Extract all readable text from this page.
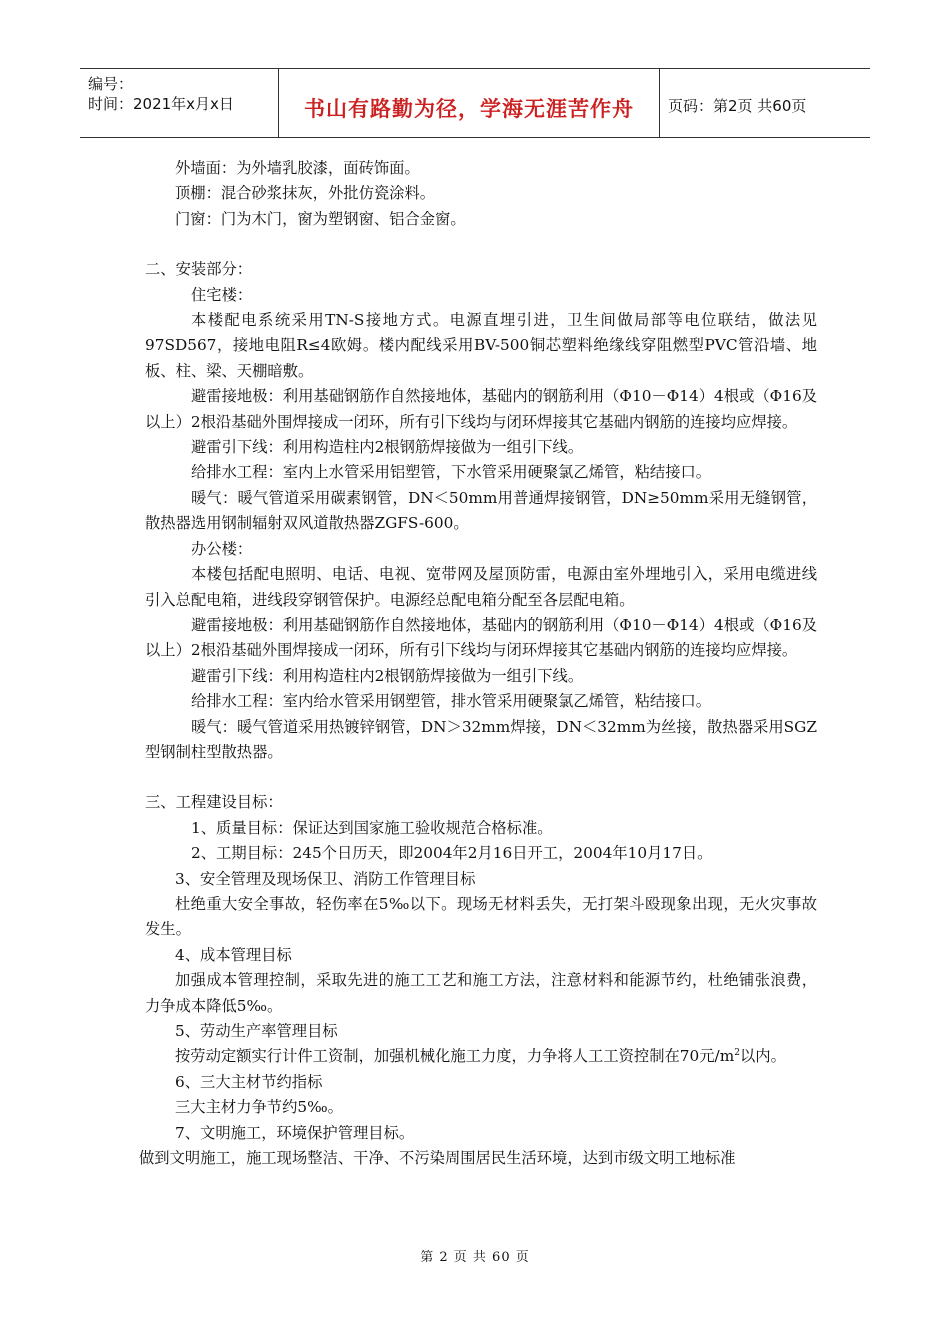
编号：
时间：2021年x月x日	书山有路勤为径，学海无涯苦作舟	页码：第2页 共60页

外墙面：为外墙乳胶漆，面砖饰面。

顶棚：混合砂浆抹灰，外批仿瓷涂料。

门窗：门为木门，窗为塑钢窗、铝合金窗。

二、安装部分：

住宅楼：

本楼配电系统采用TN-S接地方式。电源直埋引进，卫生间做局部等电位联结，做法见97SD567，接地电阻R≤4欧姆。楼内配线采用BV-500铜芯塑料绝缘线穿阻燃型PVC管沿墙、地板、柱、梁、天棚暗敷。

避雷接地极：利用基础钢筋作自然接地体，基础内的钢筋利用（Φ10－Φ14）4根或（Φ16及以上）2根沿基础外围焊接成一闭环，所有引下线均与闭环焊接其它基础内钢筋的连接均应焊接。

避雷引下线：利用构造柱内2根钢筋焊接做为一组引下线。

给排水工程：室内上水管采用铝塑管，下水管采用硬聚氯乙烯管，粘结接口。

暖气：暖气管道采用碳素钢管，DN＜50mm用普通焊接钢管，DN≥50mm采用无缝钢管，散热器选用钢制辐射双风道散热器ZGFS-600。

办公楼：

本楼包括配电照明、电话、电视、宽带网及屋顶防雷，电源由室外埋地引入，采用电缆进线引入总配电箱，进线段穿钢管保护。电源经总配电箱分配至各层配电箱。

避雷接地极：利用基础钢筋作自然接地体，基础内的钢筋利用（Φ10－Φ14）4根或（Φ16及以上）2根沿基础外围焊接成一闭环，所有引下线均与闭环焊接其它基础内钢筋的连接均应焊接。

避雷引下线：利用构造柱内2根钢筋焊接做为一组引下线。

给排水工程：室内给水管采用钢塑管，排水管采用硬聚氯乙烯管，粘结接口。

暖气：暖气管道采用热镀锌钢管，DN＞32mm焊接，DN＜32mm为丝接，散热器采用SGZ型钢制柱型散热器。

三、工程建设目标：

1、质量目标：保证达到国家施工验收规范合格标准。

2、工期目标：245个日历天，即2004年2月16日开工，2004年10月17日。

3、安全管理及现场保卫、消防工作管理目标

杜绝重大安全事故，轻伤率在5‰以下。现场无材料丢失，无打架斗殴现象出现，无火灾事故发生。

4、成本管理目标

加强成本管理控制，采取先进的施工工艺和施工方法，注意材料和能源节约，杜绝铺张浪费，力争成本降低5‰。

5、劳动生产率管理目标

按劳动定额实行计件工资制，加强机械化施工力度，力争将人工工资控制在70元$/m^2$以内。

6、三大主材节约指标

三大主材力争节约5‰。

7、文明施工，环境保护管理目标。

做到文明施工，施工现场整洁、干净、不污染周围居民生活环境，达到市级文明工地标准

第 2 页 共 60 页
